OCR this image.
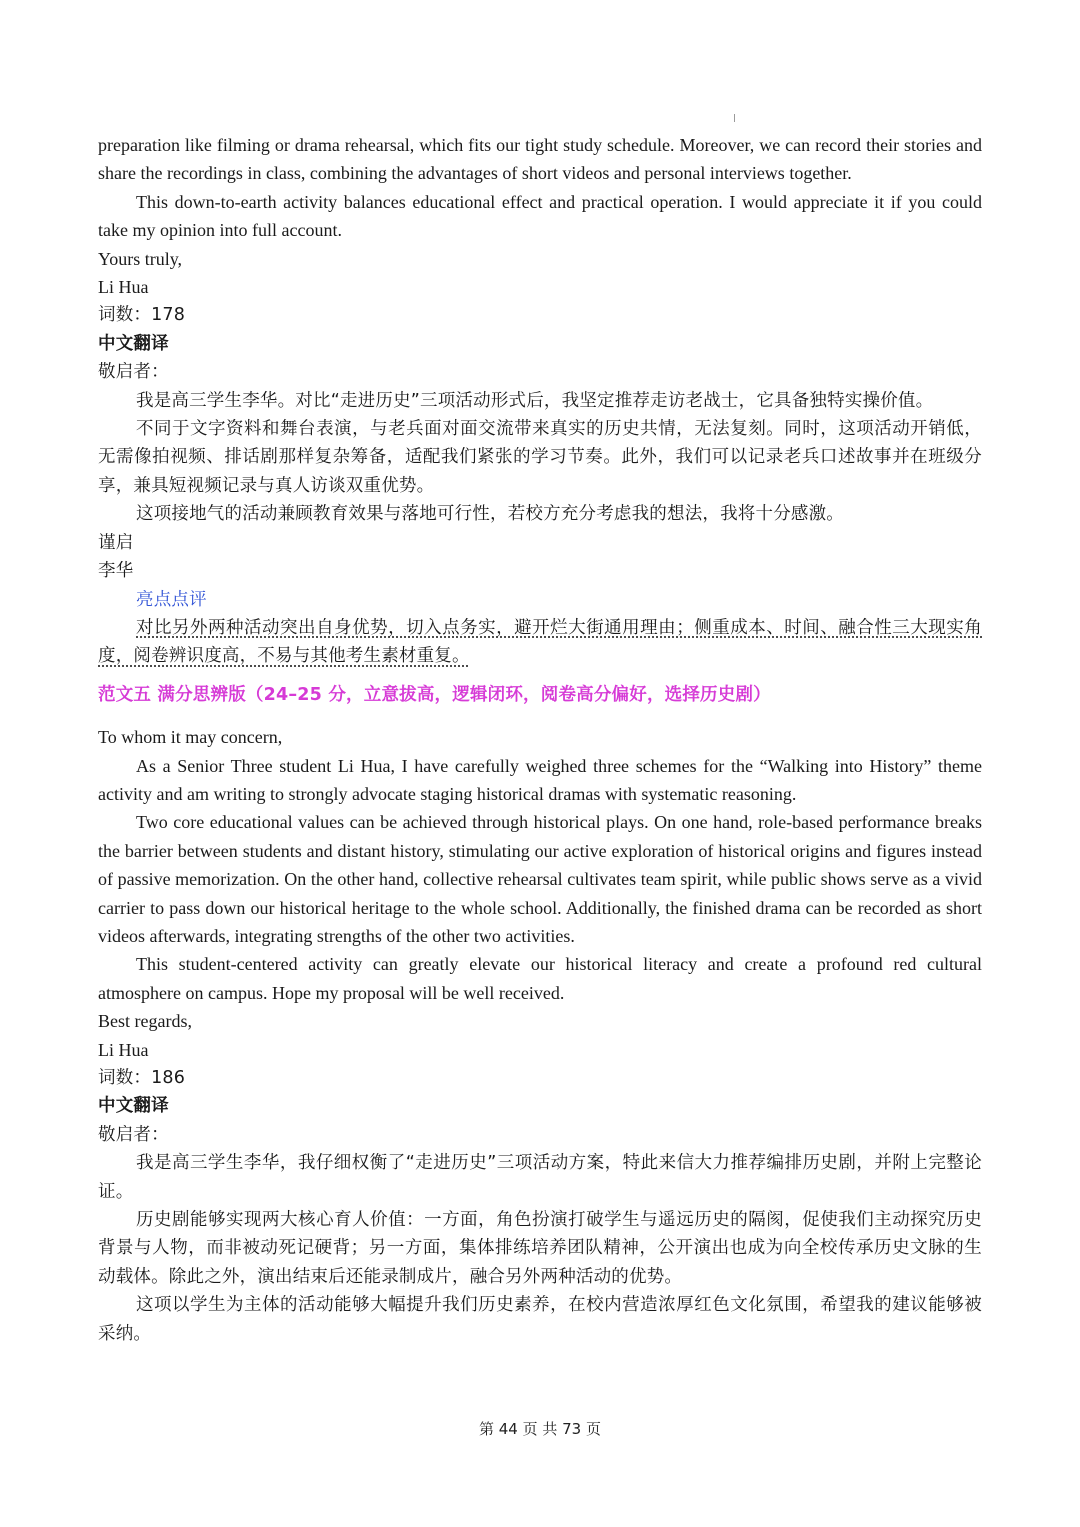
preparation like filming or drama rehearsal, which fits our tight study schedule. Moreover, we can record their stories and share the recordings in class, combining the advantages of short videos and personal interviews together.

This down-to-earth activity balances educational effect and practical operation. I would appreciate it if you could take my opinion into full account.

Yours truly,

Li Hua

词数：178

中文翻译

敬启者：

我是高三学生李华。对比“走进历史”三项活动形式后，我坚定推荐走访老战士，它具备独特实操价值。

不同于文字资料和舞台表演，与老兵面对面交流带来真实的历史共情，无法复刻。同时，这项活动开销低，无需像拍视频、排话剧那样复杂筹备，适配我们紧张的学习节奏。此外，我们可以记录老兵口述故事并在班级分享，兼具短视频记录与真人访谈双重优势。

这项接地气的活动兼顾教育效果与落地可行性，若校方充分考虑我的想法，我将十分感激。

谨启

李华

亮点点评

对比另外两种活动突出自身优势，切入点务实，避开烂大街通用理由；侧重成本、时间、融合性三大现实角度，阅卷辨识度高，不易与其他考生素材重复。

范文五 满分思辨版（24–25 分，立意拔高，逻辑闭环，阅卷高分偏好，选择历史剧）

To whom it may concern,

As a Senior Three student Li Hua, I have carefully weighed three schemes for the “Walking into History” theme activity and am writing to strongly advocate staging historical dramas with systematic reasoning.

Two core educational values can be achieved through historical plays. On one hand, role-based performance breaks the barrier between students and distant history, stimulating our active exploration of historical origins and figures instead of passive memorization. On the other hand, collective rehearsal cultivates team spirit, while public shows serve as a vivid carrier to pass down our historical heritage to the whole school. Additionally, the finished drama can be recorded as short videos afterwards, integrating strengths of the other two activities.

This student-centered activity can greatly elevate our historical literacy and create a profound red cultural atmosphere on campus. Hope my proposal will be well received.

Best regards,

Li Hua

词数：186

中文翻译

敬启者：

我是高三学生李华，我仔细权衡了“走进历史”三项活动方案，特此来信大力推荐编排历史剧，并附上完整论证。

历史剧能够实现两大核心育人价值：一方面，角色扮演打破学生与遥远历史的隔阂，促使我们主动探究历史背景与人物，而非被动死记硬背；另一方面，集体排练培养团队精神，公开演出也成为向全校传承历史文脉的生动载体。除此之外，演出结束后还能录制成片，融合另外两种活动的优势。

这项以学生为主体的活动能够大幅提升我们历史素养，在校内营造浓厚红色文化氛围，希望我的建议能够被采纳。

第 44 页 共 73 页
